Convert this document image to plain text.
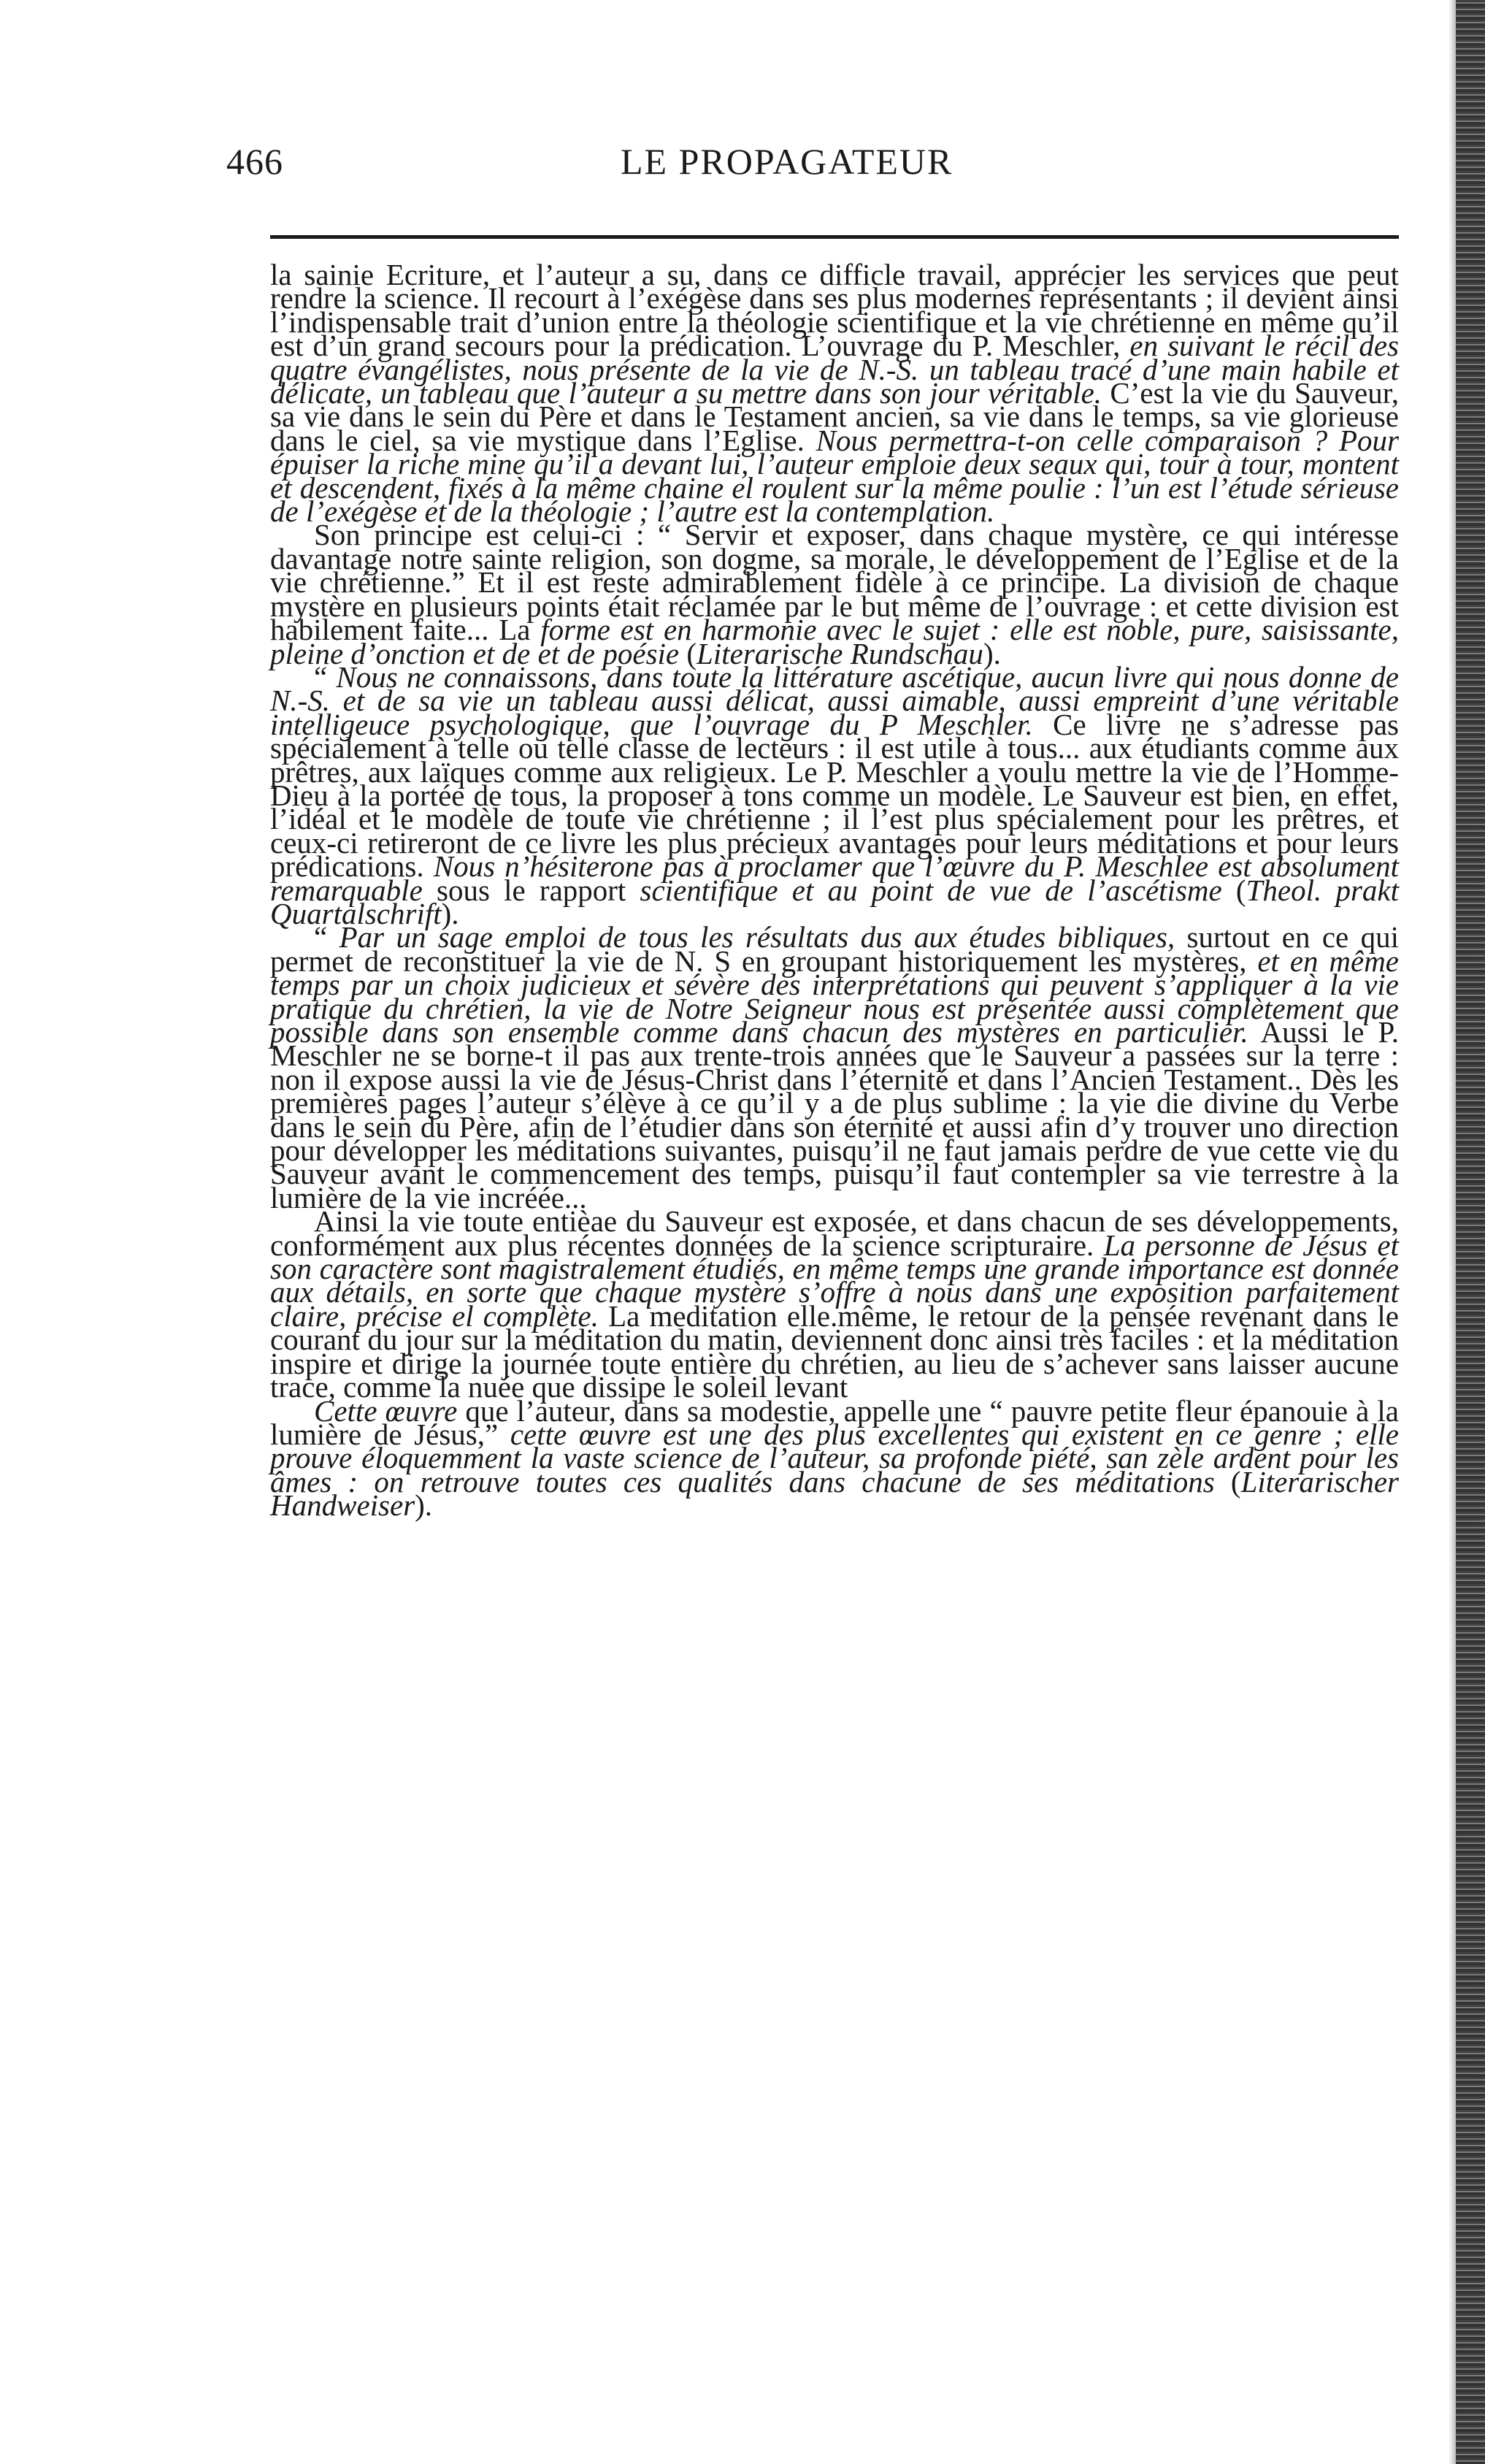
466	LE PROPAGATEUR

la sainie Ecriture, et l’auteur a su, dans ce difficle travail, apprécier les services que peut rendre la science. Il recourt à l’exégèse dans ses plus modernes représentants ; il devient ainsi l’indispensable trait d’union entre la théologie scientifique et la vie chrétienne en même qu’il est d’un grand secours pour la prédication. L’ouvrage du P. Meschler, en suivant le récil des quatre évangélistes, nous présente de la vie de N.-S. un tableau tracé d’une main habile et délicate, un tableau que l’auteur a su mettre dans son jour véritable. C’est la vie du Sauveur, sa vie dans le sein du Père et dans le Testament ancien, sa vie dans le temps, sa vie glorieuse dans le ciel, sa vie mystique dans l’Eglise. Nous permettra-t-on celle comparaison ? Pour épuiser la riche mine qu’il a devant lui, l’auteur emploie deux seaux qui, tour à tour, montent et descendent, fixés à la même chaine el roulent sur la même poulie : l’un est l’étude sérieuse de l’exégèse et de la théologie ; l’autre est la contemplation.

Son principe est celui-ci : “ Servir et exposer, dans chaque mystère, ce qui intéresse davantage notre sainte religion, son dogme, sa morale, le développement de l’Eglise et de la vie chrétienne.” Et il est reste admirablement fidèle à ce principe. La division de chaque mystère en plusieurs points était réclamée par le but même de l’ouvrage : et cette division est habilement faite... La forme est en harmonie avec le sujet : elle est noble, pure, saisissante, pleine d’onction et de et de poésie (Literarische Rundschau).

“ Nous ne connaissons, dans toute la littérature ascétique, aucun livre qui nous donne de N.-S. et de sa vie un tableau aussi délicat, aussi aimable, aussi empreint d’une véritable intelligeuce psychologique, que l’ouvrage du P Meschler. Ce livre ne s’adresse pas spécialement à telle ou telle classe de lecteurs : il est utile à tous... aux étudiants comme aux prêtres, aux laïques comme aux religieux. Le P. Meschler a voulu mettre la vie de l’Homme-Dieu à la portée de tous, la proposer à tons comme un modèle. Le Sauveur est bien, en effet, l’idéal et le modèle de toute vie chrétienne ; il l’est plus spécialement pour les prêtres, et ceux-ci retireront de ce livre les plus précieux avantages pour leurs méditations et pour leurs prédications. Nous n’hésiterone pas à proclamer que l’œuvre du P. Meschlee est absolument remarquable sous le rapport scientifique et au point de vue de l’ascétisme (Theol. prakt Quartalschrift).

“ Par un sage emploi de tous les résultats dus aux études bibliques, surtout en ce qui permet de reconstituer la vie de N. S en groupant historiquement les mystères, et en même temps par un choix judicieux et sévère des interprétations qui peuvent s’appliquer à la vie pratique du chrétien, la vie de Notre Seigneur nous est présentée aussi complètement que possible dans son ensemble comme dans chacun des mystères en particulier. Aussi le P. Meschler ne se borne-t il pas aux trente-trois années que le Sauveur a passées sur la terre : non il expose aussi la vie de Jésus-Christ dans l’éternité et dans l’Ancien Testament.. Dès les premières pages l’auteur s’élève à ce qu’il y a de plus sublime : la vie die divine du Verbe dans le sein du Père, afin de l’étudier dans son éternité et aussi afin d’y trouver uno direction pour développer les méditations suivantes, puisqu’il ne faut jamais perdre de vue cette vie du Sauveur avant le commencement des temps, puisqu’il faut contempler sa vie terrestre à la lumière de la vie incréée...

Ainsi la vie toute entièae du Sauveur est exposée, et dans chacun de ses développements, conformément aux plus récentes données de la science scripturaire. La personne de Jésus et son caractère sont magistralement étudiés, en même temps une grande importance est donnée aux détails, en sorte que chaque mystère s’offre à nous dans une exposition parfaitement claire, précise el complète. La meditation elle.même, le retour de la pensée revenant dans le courant du jour sur la méditation du matin, deviennent donc ainsi très faciles : et la méditation inspire et dirige la journée toute entière du chrétien, au lieu de s’achever sans laisser aucune trace, comme la nuée que dissipe le soleil levant

Cette œuvre que l’auteur, dans sa modestie, appelle une “ pauvre petite fleur épanouie à la lumière de Jésus,” cette œuvre est une des plus excellentes qui existent en ce genre ; elle prouve éloquemment la vaste science de l’auteur, sa profonde piété, san zèle ardent pour les âmes : on retrouve toutes ces qualités dans chacune de ses méditations (Literarischer Handweiser).
